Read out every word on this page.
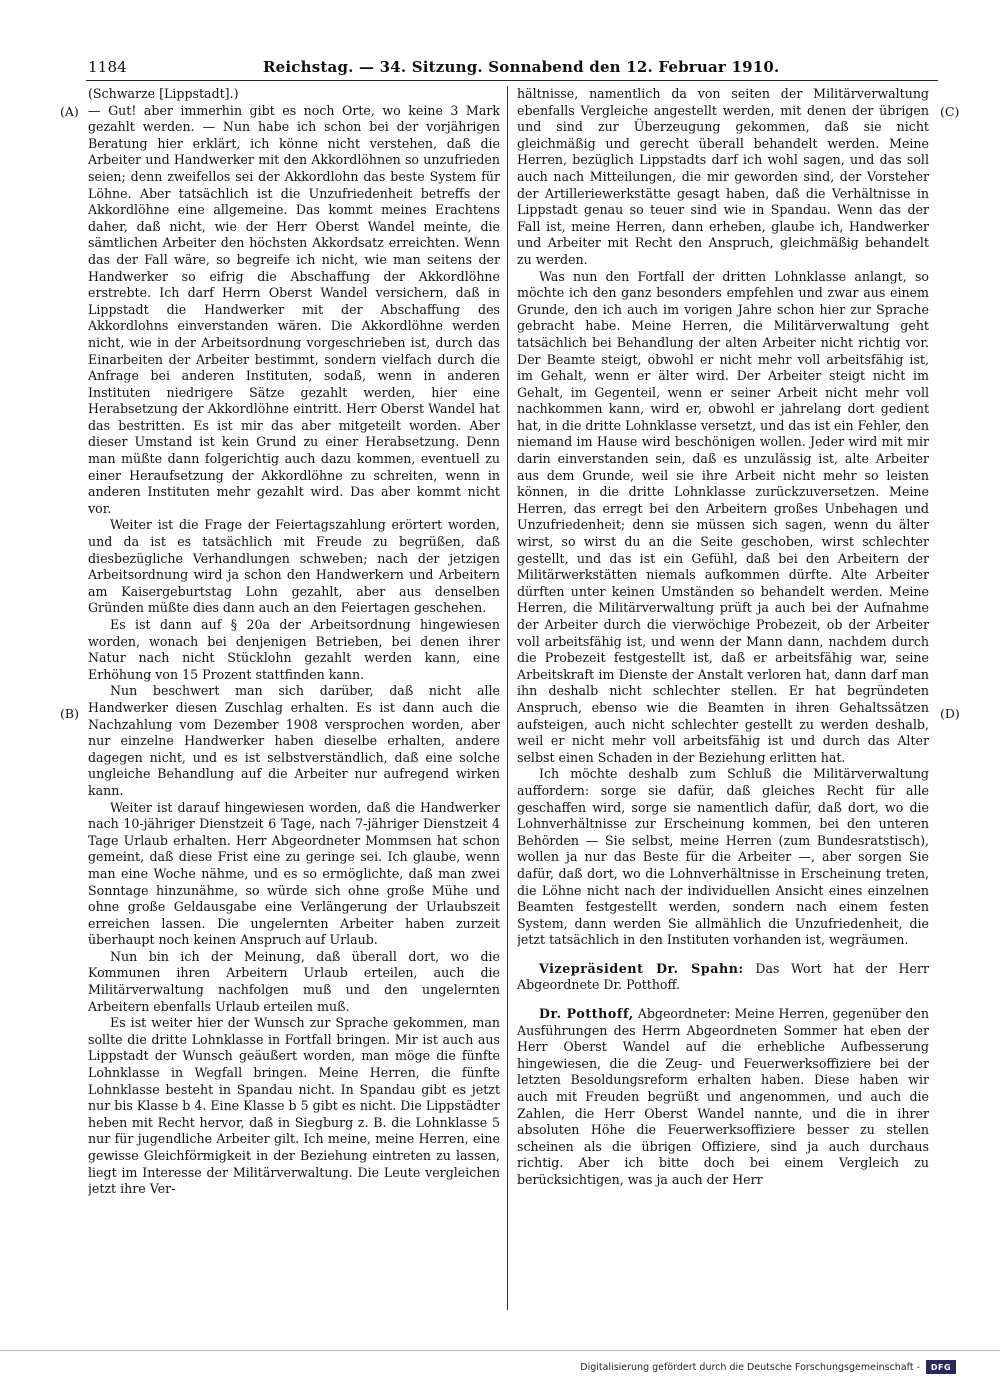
1184	Reichstag. — 34. Sitzung. Sonnabend den 12. Februar 1910.
(A)
(B)
(C)
(D)

(Schwarze [Lippstadt].)

— Gut! aber immerhin gibt es noch Orte, wo keine 3 Mark gezahlt werden. — Nun habe ich schon bei der vorjährigen Beratung hier erklärt, ich könne nicht verstehen, daß die Arbeiter und Handwerker mit den Akkordlöhnen so unzufrieden seien; denn zweifellos sei der Akkordlohn das beste System für Löhne. Aber tatsächlich ist die Unzufriedenheit betreffs der Akkordlöhne eine allgemeine. Das kommt meines Erachtens daher, daß nicht, wie der Herr Oberst Wandel meinte, die sämtlichen Arbeiter den höchsten Akkordsatz erreichten. Wenn das der Fall wäre, so begreife ich nicht, wie man seitens der Handwerker so eifrig die Abschaffung der Akkordlöhne erstrebte. Ich darf Herrn Oberst Wandel versichern, daß in Lippstadt die Handwerker mit der Abschaffung des Akkordlohns einverstanden wären. Die Akkordlöhne werden nicht, wie in der Arbeitsordnung vorgeschrieben ist, durch das Einarbeiten der Arbeiter bestimmt, sondern vielfach durch die Anfrage bei anderen Instituten, sodaß, wenn in anderen Instituten niedrigere Sätze gezahlt werden, hier eine Herabsetzung der Akkordlöhne eintritt. Herr Oberst Wandel hat das bestritten. Es ist mir das aber mitgeteilt worden. Aber dieser Umstand ist kein Grund zu einer Herabsetzung. Denn man müßte dann folgerichtig auch dazu kommen, eventuell zu einer Heraufsetzung der Akkordlöhne zu schreiten, wenn in anderen Instituten mehr gezahlt wird. Das aber kommt nicht vor.

Weiter ist die Frage der Feiertagszahlung erörtert worden, und da ist es tatsächlich mit Freude zu begrüßen, daß diesbezügliche Verhandlungen schweben; nach der jetzigen Arbeitsordnung wird ja schon den Handwerkern und Arbeitern am Kaisergeburtstag Lohn gezahlt, aber aus denselben Gründen müßte dies dann auch an den Feiertagen geschehen.

Es ist dann auf § 20a der Arbeitsordnung hingewiesen worden, wonach bei denjenigen Betrieben, bei denen ihrer Natur nach nicht Stücklohn gezahlt werden kann, eine Erhöhung von 15 Prozent stattfinden kann.

Nun beschwert man sich darüber, daß nicht alle Handwerker diesen Zuschlag erhalten. Es ist dann auch die Nachzahlung vom Dezember 1908 versprochen worden, aber nur einzelne Handwerker haben dieselbe erhalten, andere dagegen nicht, und es ist selbstverständlich, daß eine solche ungleiche Behandlung auf die Arbeiter nur aufregend wirken kann.

Weiter ist darauf hingewiesen worden, daß die Handwerker nach 10-jähriger Dienstzeit 6 Tage, nach 7-jähriger Dienstzeit 4 Tage Urlaub erhalten. Herr Abgeordneter Mommsen hat schon gemeint, daß diese Frist eine zu geringe sei. Ich glaube, wenn man eine Woche nähme, und es so ermöglichte, daß man zwei Sonntage hinzunähme, so würde sich ohne große Mühe und ohne große Geldausgabe eine Verlängerung der Urlaubszeit erreichen lassen. Die ungelernten Arbeiter haben zurzeit überhaupt noch keinen Anspruch auf Urlaub.

Nun bin ich der Meinung, daß überall dort, wo die Kommunen ihren Arbeitern Urlaub erteilen, auch die Militärverwaltung nachfolgen muß und den ungelernten Arbeitern ebenfalls Urlaub erteilen muß.

Es ist weiter hier der Wunsch zur Sprache gekommen, man sollte die dritte Lohnklasse in Fortfall bringen. Mir ist auch aus Lippstadt der Wunsch geäußert worden, man möge die fünfte Lohnklasse in Wegfall bringen. Meine Herren, die fünfte Lohnklasse besteht in Spandau nicht. In Spandau gibt es jetzt nur bis Klasse b 4. Eine Klasse b 5 gibt es nicht. Die Lippstädter heben mit Recht hervor, daß in Siegburg z. B. die Lohnklasse 5 nur für jugendliche Arbeiter gilt. Ich meine, meine Herren, eine gewisse Gleichförmigkeit in der Beziehung eintreten zu lassen, liegt im Interesse der Militärverwaltung. Die Leute vergleichen jetzt ihre Ver-

hältnisse, namentlich da von seiten der Militärverwaltung ebenfalls Vergleiche angestellt werden, mit denen der übrigen und sind zur Überzeugung gekommen, daß sie nicht gleichmäßig und gerecht überall behandelt werden. Meine Herren, bezüglich Lippstadts darf ich wohl sagen, und das soll auch nach Mitteilungen, die mir geworden sind, der Vorsteher der Artilleriewerkstätte gesagt haben, daß die Verhältnisse in Lippstadt genau so teuer sind wie in Spandau. Wenn das der Fall ist, meine Herren, dann erheben, glaube ich, Handwerker und Arbeiter mit Recht den Anspruch, gleichmäßig behandelt zu werden.

Was nun den Fortfall der dritten Lohnklasse anlangt, so möchte ich den ganz besonders empfehlen und zwar aus einem Grunde, den ich auch im vorigen Jahre schon hier zur Sprache gebracht habe. Meine Herren, die Militärverwaltung geht tatsächlich bei Behandlung der alten Arbeiter nicht richtig vor. Der Beamte steigt, obwohl er nicht mehr voll arbeitsfähig ist, im Gehalt, wenn er älter wird. Der Arbeiter steigt nicht im Gehalt, im Gegenteil, wenn er seiner Arbeit nicht mehr voll nachkommen kann, wird er, obwohl er jahrelang dort gedient hat, in die dritte Lohnklasse versetzt, und das ist ein Fehler, den niemand im Hause wird beschönigen wollen. Jeder wird mit mir darin einverstanden sein, daß es unzulässig ist, alte Arbeiter aus dem Grunde, weil sie ihre Arbeit nicht mehr so leisten können, in die dritte Lohnklasse zurückzuversetzen. Meine Herren, das erregt bei den Arbeitern großes Unbehagen und Unzufriedenheit; denn sie müssen sich sagen, wenn du älter wirst, so wirst du an die Seite geschoben, wirst schlechter gestellt, und das ist ein Gefühl, daß bei den Arbeitern der Militärwerkstätten niemals aufkommen dürfte. Alte Arbeiter dürften unter keinen Umständen so behandelt werden. Meine Herren, die Militärverwaltung prüft ja auch bei der Aufnahme der Arbeiter durch die vierwöchige Probezeit, ob der Arbeiter voll arbeitsfähig ist, und wenn der Mann dann, nachdem durch die Probezeit festgestellt ist, daß er arbeitsfähig war, seine Arbeitskraft im Dienste der Anstalt verloren hat, dann darf man ihn deshalb nicht schlechter stellen. Er hat begründeten Anspruch, ebenso wie die Beamten in ihren Gehaltssätzen aufsteigen, auch nicht schlechter gestellt zu werden deshalb, weil er nicht mehr voll arbeitsfähig ist und durch das Alter selbst einen Schaden in der Beziehung erlitten hat.

Ich möchte deshalb zum Schluß die Militärverwaltung auffordern: sorge sie dafür, daß gleiches Recht für alle geschaffen wird, sorge sie namentlich dafür, daß dort, wo die Lohnverhältnisse zur Erscheinung kommen, bei den unteren Behörden — Sie selbst, meine Herren (zum Bundesratstisch), wollen ja nur das Beste für die Arbeiter —, aber sorgen Sie dafür, daß dort, wo die Lohnverhältnisse in Erscheinung treten, die Löhne nicht nach der individuellen Ansicht eines einzelnen Beamten festgestellt werden, sondern nach einem festen System, dann werden Sie allmählich die Unzufriedenheit, die jetzt tatsächlich in den Instituten vorhanden ist, wegräumen.

Vizepräsident Dr. Spahn: Das Wort hat der Herr Abgeordnete Dr. Potthoff.

Dr. Potthoff, Abgeordneter: Meine Herren, gegenüber den Ausführungen des Herrn Abgeordneten Sommer hat eben der Herr Oberst Wandel auf die erhebliche Aufbesserung hingewiesen, die die Zeug- und Feuerwerksoffiziere bei der letzten Besoldungsreform erhalten haben. Diese haben wir auch mit Freuden begrüßt und angenommen, und auch die Zahlen, die Herr Oberst Wandel nannte, und die in ihrer absoluten Höhe die Feuerwerksoffiziere besser zu stellen scheinen als die übrigen Offiziere, sind ja auch durchaus richtig. Aber ich bitte doch bei einem Vergleich zu berücksichtigen, was ja auch der Herr

Digitalisierung gefördert durch die Deutsche Forschungsgemeinschaft -	DFG
